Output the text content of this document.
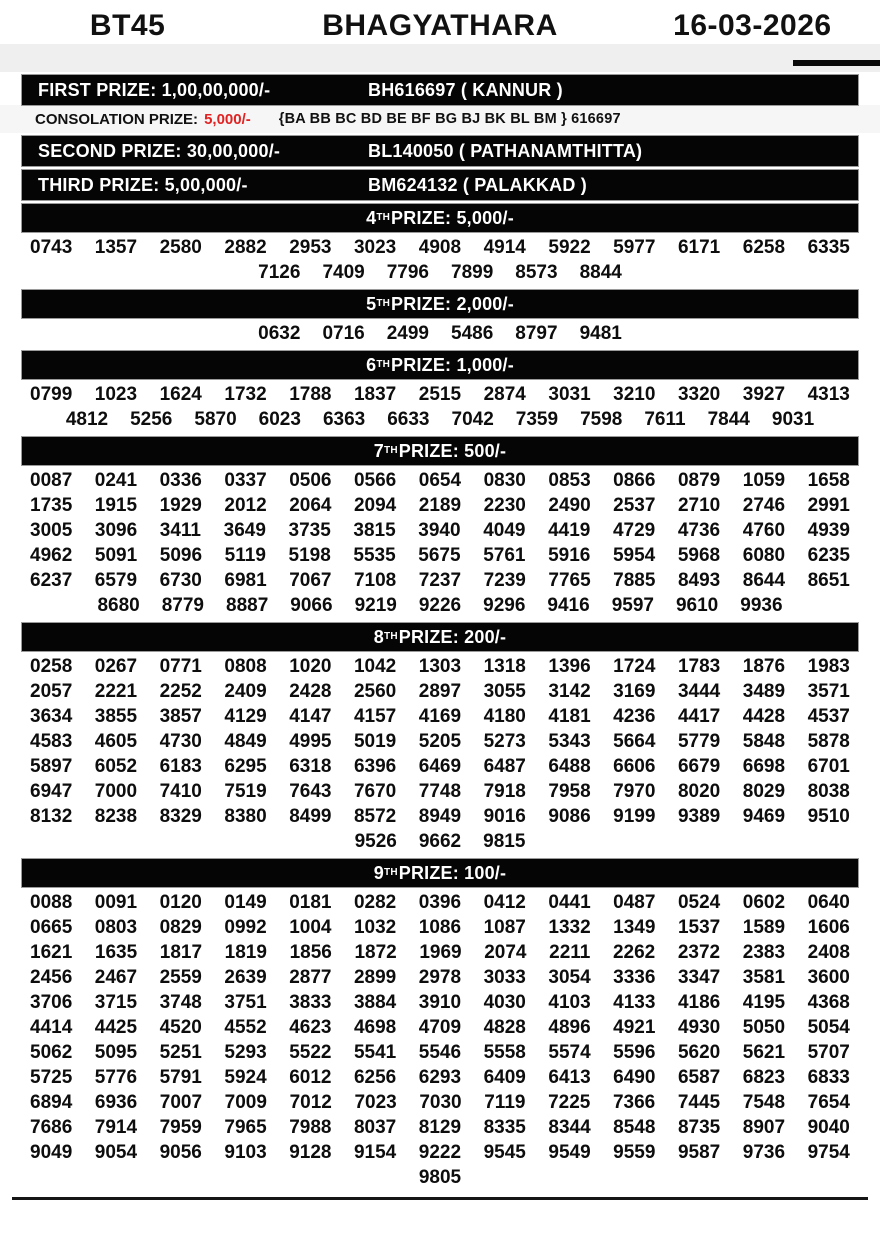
BT45	BHAGYATHARA	16-03-2026
FIRST PRIZE: 1,00,00,000/-	BH616697 ( KANNUR )
CONSOLATION PRIZE: 5,000/- {BA BB BC BD BE BF BG BJ BK BL BM } 616697
SECOND PRIZE: 30,00,000/-	BL140050 ( PATHANAMTHITTA)
THIRD PRIZE: 5,00,000/-	BM624132 ( PALAKKAD )
4 TH PRIZE: 5,000/-
0743 1357 2580 2882 2953 3023 4908 4914 5922 5977 6171 6258 6335
7126 7409 7796 7899 8573 8844
5 TH PRIZE: 2,000/-
0632 0716 2499 5486 8797 9481
6 TH PRIZE: 1,000/-
0799 1023 1624 1732 1788 1837 2515 2874 3031 3210 3320 3927 4313
4812 5256 5870 6023 6363 6633 7042 7359 7598 7611 7844 9031
7 TH PRIZE: 500/-
0087 0241 0336 0337 0506 0566 0654 0830 0853 0866 0879 1059 1658
1735 1915 1929 2012 2064 2094 2189 2230 2490 2537 2710 2746 2991
3005 3096 3411 3649 3735 3815 3940 4049 4419 4729 4736 4760 4939
4962 5091 5096 5119 5198 5535 5675 5761 5916 5954 5968 6080 6235
6237 6579 6730 6981 7067 7108 7237 7239 7765 7885 8493 8644 8651
8680 8779 8887 9066 9219 9226 9296 9416 9597 9610 9936
8 TH PRIZE: 200/-
0258 0267 0771 0808 1020 1042 1303 1318 1396 1724 1783 1876 1983
2057 2221 2252 2409 2428 2560 2897 3055 3142 3169 3444 3489 3571
3634 3855 3857 4129 4147 4157 4169 4180 4181 4236 4417 4428 4537
4583 4605 4730 4849 4995 5019 5205 5273 5343 5664 5779 5848 5878
5897 6052 6183 6295 6318 6396 6469 6487 6488 6606 6679 6698 6701
6947 7000 7410 7519 7643 7670 7748 7918 7958 7970 8020 8029 8038
8132 8238 8329 8380 8499 8572 8949 9016 9086 9199 9389 9469 9510
9526 9662 9815
9 TH PRIZE: 100/-
0088 0091 0120 0149 0181 0282 0396 0412 0441 0487 0524 0602 0640
0665 0803 0829 0992 1004 1032 1086 1087 1332 1349 1537 1589 1606
1621 1635 1817 1819 1856 1872 1969 2074 2211 2262 2372 2383 2408
2456 2467 2559 2639 2877 2899 2978 3033 3054 3336 3347 3581 3600
3706 3715 3748 3751 3833 3884 3910 4030 4103 4133 4186 4195 4368
4414 4425 4520 4552 4623 4698 4709 4828 4896 4921 4930 5050 5054
5062 5095 5251 5293 5522 5541 5546 5558 5574 5596 5620 5621 5707
5725 5776 5791 5924 6012 6256 6293 6409 6413 6490 6587 6823 6833
6894 6936 7007 7009 7012 7023 7030 7119 7225 7366 7445 7548 7654
7686 7914 7959 7965 7988 8037 8129 8335 8344 8548 8735 8907 9040
9049 9054 9056 9103 9128 9154 9222 9545 9549 9559 9587 9736 9754
9805
